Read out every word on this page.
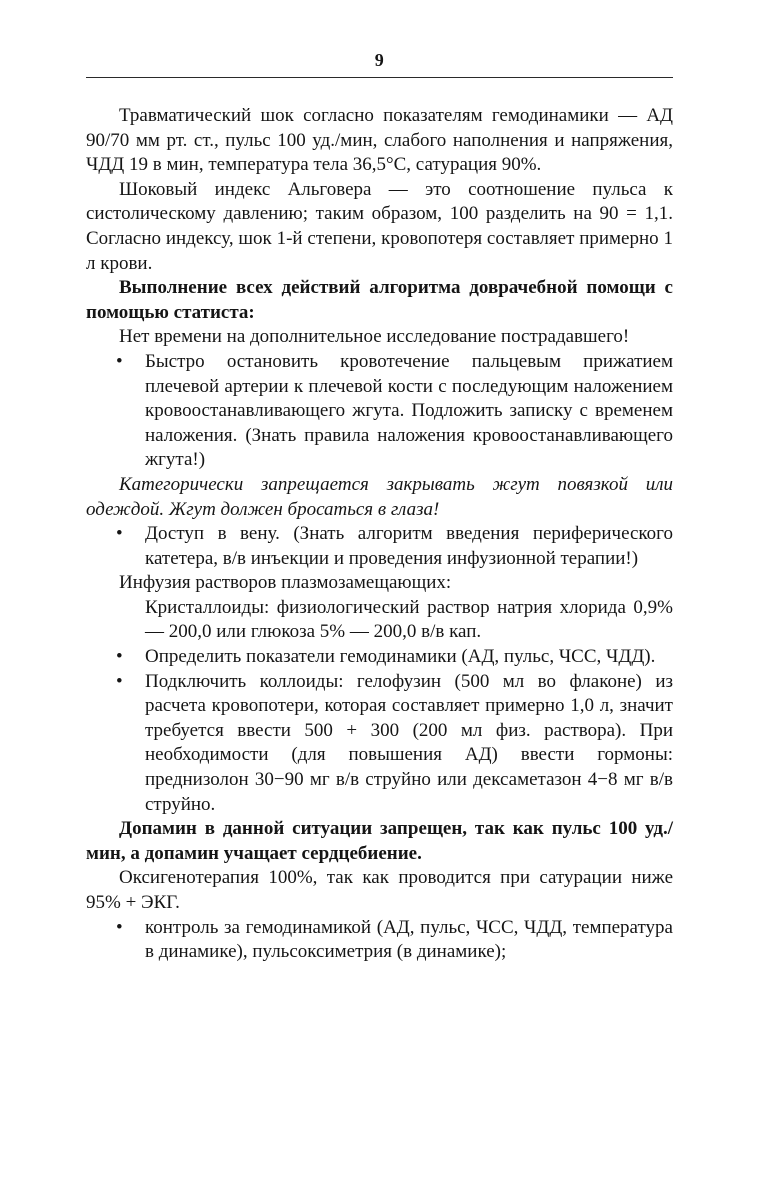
9

Травматический шок согласно показателям гемодинамики — АД 90/70 мм рт. ст., пульс 100 уд./мин, слабого наполнения и напряжения, ЧДД 19 в мин, температура тела 36,5°С, сатурация 90%.

Шоковый индекс Альговера — это соотношение пульса к систолическому давлению; таким образом, 100 разделить на 90 = 1,1. Согласно индексу, шок 1-й степени, кровопотеря составляет примерно 1 л крови.

Выполнение всех действий алгоритма доврачебной помощи с помощью статиста:

Нет времени на дополнительное исследование пострадавшего!

• Быстро остановить кровотечение пальцевым прижатием плечевой артерии к плечевой кости с последующим наложением кровоостанавливающего жгута. Подложить записку с временем наложения. (Знать правила наложения кровоостанавливающего жгута!)

Категорически запрещается закрывать жгут повязкой или одеждой. Жгут должен бросаться в глаза!

• Доступ в вену. (Знать алгоритм введения периферического катетера, в/в инъекции и проведения инфузионной терапии!)

Инфузия растворов плазмозамещающих:

Кристаллоиды: физиологический раствор натрия хлорида 0,9% — 200,0 или глюкоза 5% — 200,0 в/в кап.

• Определить показатели гемодинамики (АД, пульс, ЧСС, ЧДД).

• Подключить коллоиды: гелофузин (500 мл во флаконе) из расчета кровопотери, которая составляет примерно 1,0 л, значит требуется ввести 500 + 300 (200 мл физ. раствора). При необходимости (для повышения АД) ввести гормоны: преднизолон 30−90 мг в/в струйно или дексаметазон 4−8 мг в/в струйно.

Допамин в данной ситуации запрещен, так как пульс 100 уд./мин, а допамин учащает сердцебиение.

Оксигенотерапия 100%, так как проводится при сатурации ниже 95% + ЭКГ.

• контроль за гемодинамикой (АД, пульс, ЧСС, ЧДД, температура в динамике), пульсоксиметрия (в динамике);
